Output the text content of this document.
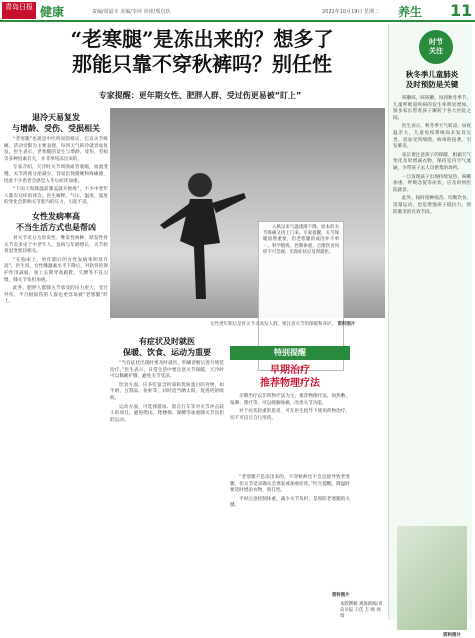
青岛日报 健康	责编/周最宰 美编/李萍 审读/邢启玖	2021年10月19日 星期二 养生 11
“老寒腿”是冻出来的？想多了
那能只靠不穿秋裤吗？别任性
专家提醒：更年期女性、肥胖人群、受过伤更易被“盯上”
退冷天易复发
与增龄、受伤、受损相关

“老寒腿”也就是中医所说的痹证，它以关节疼痛、活动受限为主要表现，每到天气转冷就容易复发。医生表示，老寒腿的发生与增龄、受伤、劳损等多种因素有关，并非单纯冻出来的。

专家介绍，天冷时关节周围血管收缩，血流变慢，关节滑液分泌减少，容易出现僵硬和疼痛感，因此不少患者会感觉入冬后症状加重。

“下雨天和降温前膝盖就开始疼”，不少中老年人都有这样的体会。医生解释，气压、温度、湿度的变化会影响关节腔内的压力，引起不适。

女性发病率高
不当生活方式也是帮凶

骨关节炎分为原发性、继发性两种，原发性骨关节炎多见于中老年人，发病与年龄增长、关节软骨退变密切相关。

“在临床上，更年期后的女性发病率明显升高”，医生说，女性雌激素水平下降后，对软骨的保护作用减弱，加上长期穿高跟鞋、久蹲等不良习惯，膝关节负担加重。

此外，肥胖人群膝关节承受的压力更大，受过外伤、半月板损伤的人群也更容易被“老寒腿”盯上。

入秋以来气温逐渐下降，原本的关节疼痛又找上门来。专家提醒，关节保暖固然重要，但老寒腿的成因并不单一，科学锻炼、控制体重、合理饮食同样不可忽视，出现症状应及时就医。

女性更年期后是骨关节炎高发人群，要注意关节的保暖和养护。 资料图片
有症状及时就医
保暖、饮食、运动为重要

“当有症状出现时要及时就医，明确诊断后进行规范治疗。”医生表示，日常生活中要注意关节保暖，天冷时可以佩戴护膝，避免关节受凉。

饮食方面，应多吃富含钙质和优质蛋白的食物，如牛奶、豆制品、鱼虾等，同时适当晒太阳，促进钙的吸收。

运动方面，可选择游泳、骑自行车等对关节冲击较小的项目，避免爬山、爬楼梯、深蹲等加重膝关节负担的运动。

特别提醒
早期治疗
推荐物理疗法

早期治疗以非药物疗法为主，推荐物理疗法，如热敷、按摩、理疗等，可以缓解疼痛，改善关节功能。

对于症状较重的患者，可在医生指导下使用药物治疗，切不可盲目自行用药。

“老寒腿不是冻出来的，不穿秋裤也不会直接导致老寒腿，但关节受凉确实会诱发或加重症状。”医生提醒，降温时要适时增添衣物，别任性。

平时注意控制体重，减少关节负担，是预防老寒腿的关键。

资料图片
本版撰稿 观海新闻/青岛早报 王佳 万 峰 周 瑞
时节
关注
秋冬季儿童肺炎
及时预防是关键

咳嗽咳、咳咳嗽，每到秋冬季节，儿童呼吸道疾病的发生率明显增加，很多家长带着孩子辗转于各大医院之间。

医生表示，秋冬季天气转凉，昼夜温差大，儿童免疫系统尚未发育完善，容易受到细菌、病毒的侵袭，引发肺炎。

家长要注意孩子的保暖，根据天气变化及时增减衣物，保持室内空气流通，少带孩子去人员密集的场所。

一旦发现孩子出现持续发热、咳嗽加重、呼吸急促等症状，应及时到医院就诊。

此外，按时接种疫苗、均衡饮食、适量运动，也是增强孩子抵抗力、预防肺炎的有效手段。

资料图片
